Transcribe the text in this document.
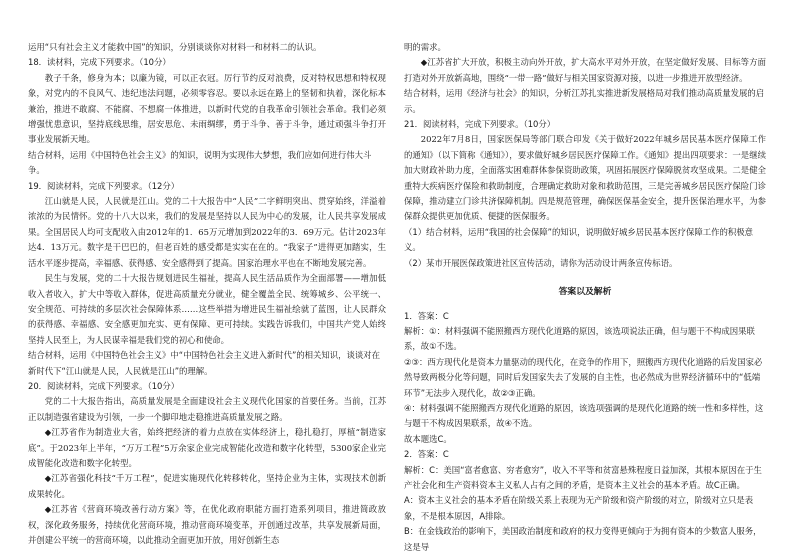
运用“只有社会主义才能救中国”的知识，分别谈谈你对材料一和材料二的认识。

18．读材料，完成下列要求。（10分）

教子千条，修身为本；以廉为镜，可以正衣冠。厉行节约反对浪费，反对特权思想和特权现象，对党内的不良风气、违纪违法问题，必须零容忍。要以永远在路上的坚韧和执着，深化标本兼治，推进不敢腐、不能腐、不想腐一体推进，以新时代党的自我革命引领社会革命。我们必须增强忧患意识，坚持底线思维，居安思危、未雨绸缪，勇于斗争、善于斗争，通过顽强斗争打开事业发展新天地。

结合材料，运用《中国特色社会主义》的知识，说明为实现伟大梦想，我们应如何进行伟大斗争。

19．阅读材料，完成下列要求。（12分）

江山就是人民，人民就是江山。党的二十大报告中“人民”二字鲜明突出、贯穿始终，洋溢着浓浓的为民情怀。党的十八大以来，我们的发展是坚持以人民为中心的发展，让人民共享发展成果。全国居民人均可支配收入由2012年的1．65万元增加到2022年的3．69万元。估计2023年达4．13万元。数字是干巴巴的，但老百姓的感受都是实实在在的。“我家子”进得更加踏实，生活水平逐步提高，幸福感、获得感、安全感得到了提高。国家治理水平也在不断地发展完善。

民生与发展，党的二十大报告规划进民生福祉，提高人民生活品质作为全面部署——增加低收入者收入，扩大中等收入群体，促进高质量充分就业，健全覆盖全民、统筹城乡、公平统一、安全规范、可持续的多层次社会保障体系……这些举措为增进民生福祉绘就了蓝图，让人民群众的获得感、幸福感、安全感更加充实、更有保障、更可持续。实践告诉我们，中国共产党人始终坚持人民至上，为人民谋幸福是我们党的初心和使命。

结合材料，运用《中国特色社会主义》中“中国特色社会主义进入新时代”的相关知识，谈谈对在新时代下“江山就是人民，人民就是江山”的理解。

20．阅读材料，完成下列要求。（10分）

党的二十大报告指出，高质量发展是全面建设社会主义现代化国家的首要任务。当前，江苏正以制造强省建设为引领，一步一个脚印地走稳推进高质量发展之路。

◆江苏省作为制造业大省，始终把经济的着力点放在实体经济上，稳扎稳打，厚植“制造家底”。于2023年上半年，“万万工程”5万余家企业完成智能化改造和数字化转型，5300家企业完成智能化改造和数字化转型。

◆江苏省强化科技“千万工程”，促进实施现代化转移转化，坚持企业为主体，实现技术创新成果转化。

◆江苏省《营商环境改善行动方案》等，在优化政府职能方面打造系列项目，推进简政放权，深化政务服务，持续优化营商环境，推动营商环境变革，开创通过改革，共享发展新局面，并创建公平统一的营商环境，以此推动全面更加开放，用好创新生态

明的需求。

◆江苏省扩大开放，积极主动向外开放，扩大高水平对外开放，在坚定做好发展、目标等方面打造对外开放新高地，围绕“一带一路”做好与相关国家资源对接，以进一步推进开放型经济。

结合材料，运用《经济与社会》的知识，分析江苏扎实推进新发展格局对我们推动高质量发展的启示。

21．阅读材料，完成下列要求。（10分）

2022年7月8日，国家医保局等部门联合印发《关于做好2022年城乡居民基本医疗保障工作的通知》（以下简称《通知》），要求做好城乡居民医疗保障工作。《通知》提出四项要求：一是继续加大财政补助力度，全面落实困难群体参保资助政策，巩固拓展医疗保障脱贫攻坚成果。二是健全重特大疾病医疗保险和救助制度，合理确定救助对象和救助范围，三是完善城乡居民医疗保险门诊保障，推动建立门诊共济保障机制。四是规范管理，确保医保基金安全，提升医保治理水平，为参保群众提供更加优质、便捷的医保服务。

（1）结合材料，运用“我国的社会保障”的知识，说明做好城乡居民基本医疗保障工作的积极意义。

（2）某市开展医保政策进社区宣传活动，请你为活动设计两条宣传标语。

答案以及解析

1．答案：C

解析：①：材料强调不能照搬西方现代化道路的原因，该选项说法正确，但与题干不构成因果联系，故①不选。

②③：西方现代化是资本力量驱动的现代化，在竞争的作用下，照搬西方现代化道路的后发国家必然导致两极分化等问题，同时后发国家失去了发展的自主性，也必然成为世界经济循环中的“低端环节”无法步入现代化，故②③正确。

④：材料强调不能照搬西方现代化道路的原因，该选项强调的是现代化道路的统一性和多样性，这与题干不构成因果联系，故④不选。

故本题选C。

2．答案：C

解析：C：美国“富者愈富、穷者愈穷”，收入不平等和贫富悬殊程度日益加深，其根本原因在于生产社会化和生产资料资本主义私人占有之间的矛盾，是资本主义社会的基本矛盾。故C正确。

A：资本主义社会的基本矛盾在阶级关系上表现为无产阶级和资产阶级的对立，阶级对立只是表象，不是根本原因，A排除。

B：在金钱政治的影响下，美国政治制度和政府的权力变得更倾向于为拥有资本的少数富人服务，这是导
